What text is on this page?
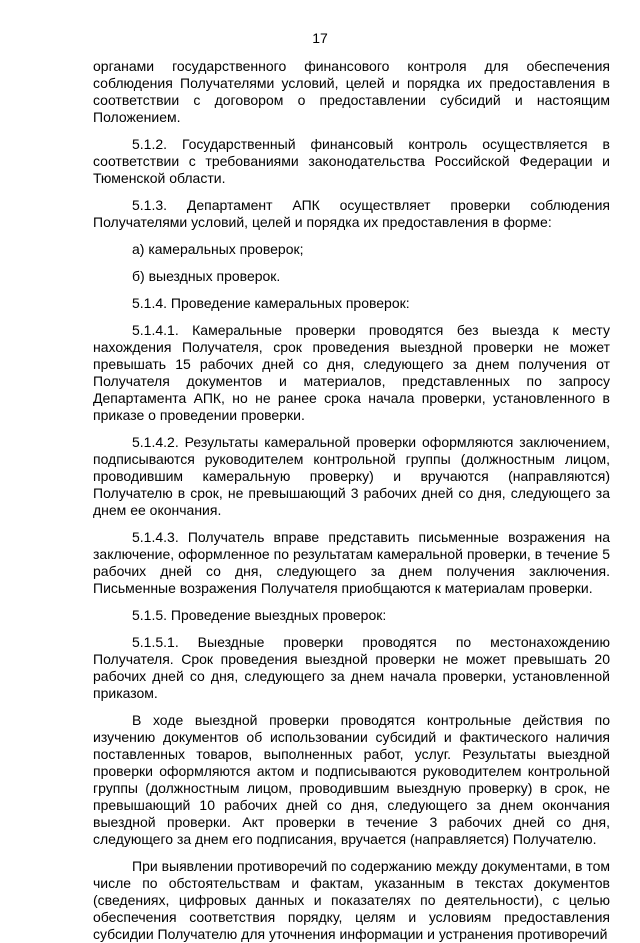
17

органами государственного финансового контроля для обеспечения соблюдения Получателями условий, целей и порядка их предоставления в соответствии с договором о предоставлении субсидий и настоящим Положением.

5.1.2. Государственный финансовый контроль осуществляется в соответствии с требованиями законодательства Российской Федерации и Тюменской области.

5.1.3. Департамент АПК осуществляет проверки соблюдения Получателями условий, целей и порядка их предоставления в форме:

а) камеральных проверок;

б) выездных проверок.

5.1.4. Проведение камеральных проверок:

5.1.4.1. Камеральные проверки проводятся без выезда к месту нахождения Получателя, срок проведения выездной проверки не может превышать 15 рабочих дней со дня, следующего за днем получения от Получателя документов и материалов, представленных по запросу Департамента АПК, но не ранее срока начала проверки, установленного в приказе о проведении проверки.

5.1.4.2. Результаты камеральной проверки оформляются заключением, подписываются руководителем контрольной группы (должностным лицом, проводившим камеральную проверку) и вручаются (направляются) Получателю в срок, не превышающий 3 рабочих дней со дня, следующего за днем ее окончания.

5.1.4.3. Получатель вправе представить письменные возражения на заключение, оформленное по результатам камеральной проверки, в течение 5 рабочих дней со дня, следующего за днем получения заключения. Письменные возражения Получателя приобщаются к материалам проверки.

5.1.5. Проведение выездных проверок:

5.1.5.1. Выездные проверки проводятся по местонахождению Получателя. Срок проведения выездной проверки не может превышать 20 рабочих дней со дня, следующего за днем начала проверки, установленной приказом.

В ходе выездной проверки проводятся контрольные действия по изучению документов об использовании субсидий и фактического наличия поставленных товаров, выполненных работ, услуг. Результаты выездной проверки оформляются актом и подписываются руководителем контрольной группы (должностным лицом, проводившим выездную проверку) в срок, не превышающий 10 рабочих дней со дня, следующего за днем окончания выездной проверки. Акт проверки в течение 3 рабочих дней со дня, следующего за днем его подписания, вручается (направляется) Получателю.

При выявлении противоречий по содержанию между документами, в том числе по обстоятельствам и фактам, указанным в текстах документов (сведениях, цифровых данных и показателях по деятельности), с целью обеспечения соответствия порядку, целям и условиям предоставления субсидии Получателю для уточнения информации и устранения противоречий
